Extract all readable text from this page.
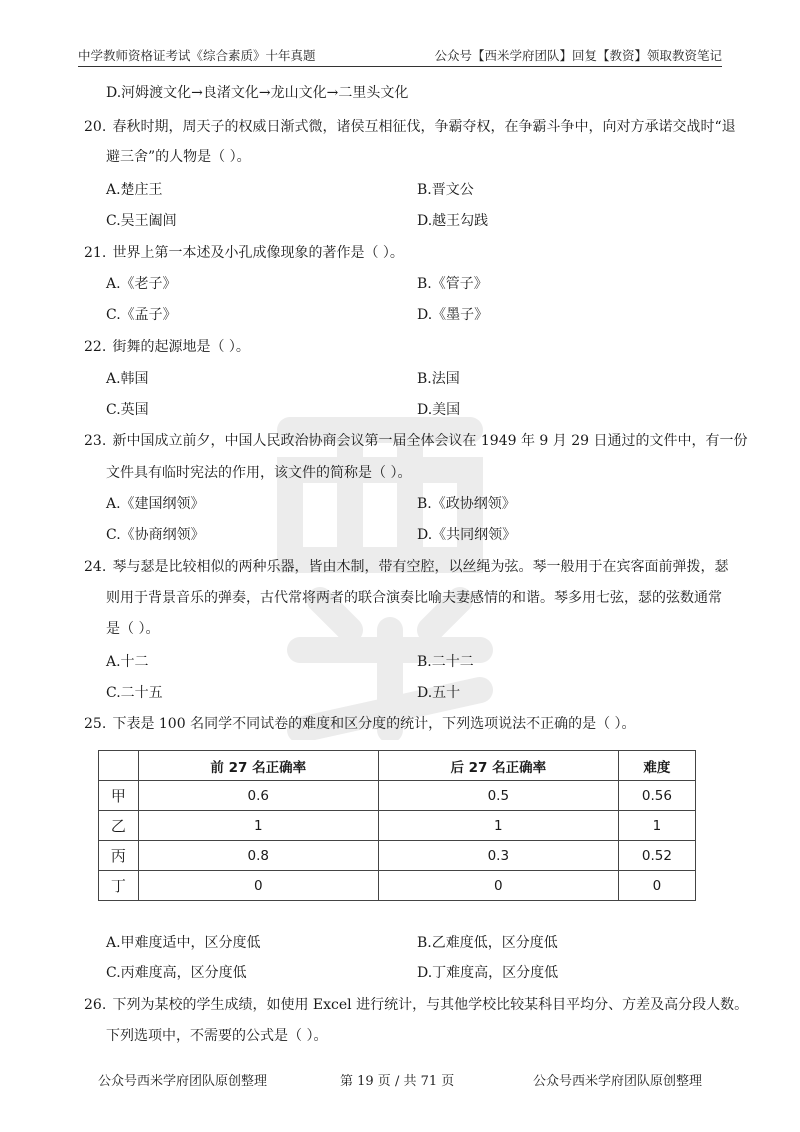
中学教师资格证考试《综合素质》十年真题	公众号【西米学府团队】回复【教资】领取教资笔记
D.河姆渡文化→良渚文化→龙山文化→二里头文化
20. 春秋时期，周天子的权威日渐式微，诸侯互相征伐，争霸夺权，在争霸斗争中，向对方承诺交战时“退
避三舍”的人物是（ ）。
A.楚庄王	B.晋文公
C.吴王阖闾	D.越王勾践
21. 世界上第一本述及小孔成像现象的著作是（ ）。
A.《老子》	B.《管子》
C.《孟子》	D.《墨子》
22. 街舞的起源地是（ ）。
A.韩国	B.法国
C.英国	D.美国
23. 新中国成立前夕，中国人民政治协商会议第一届全体会议在 1949 年 9 月 29 日通过的文件中，有一份
文件具有临时宪法的作用，该文件的简称是（ ）。
A.《建国纲领》	B.《政协纲领》
C.《协商纲领》	D.《共同纲领》
24. 琴与瑟是比较相似的两种乐器，皆由木制，带有空腔，以丝绳为弦。琴一般用于在宾客面前弹拨，瑟
则用于背景音乐的弹奏，古代常将两者的联合演奏比喻夫妻感情的和谐。琴多用七弦，瑟的弦数通常
是（ ）。
A.十二	B.二十二
C.二十五	D.五十
25. 下表是 100 名同学不同试卷的难度和区分度的统计，下列选项说法不正确的是（ ）。
	前 27 名正确率	后 27 名正确率	难度
甲	0.6	0.5	0.56
乙	1	1	1
丙	0.8	0.3	0.52
丁	0	0	0
A.甲难度适中，区分度低	B.乙难度低，区分度低
C.丙难度高，区分度低	D.丁难度高，区分度低
26. 下列为某校的学生成绩，如使用 Excel 进行统计，与其他学校比较某科目平均分、方差及高分段人数。
下列选项中，不需要的公式是（ ）。
公众号西米学府团队原创整理	第 19 页 / 共 71 页	公众号西米学府团队原创整理
